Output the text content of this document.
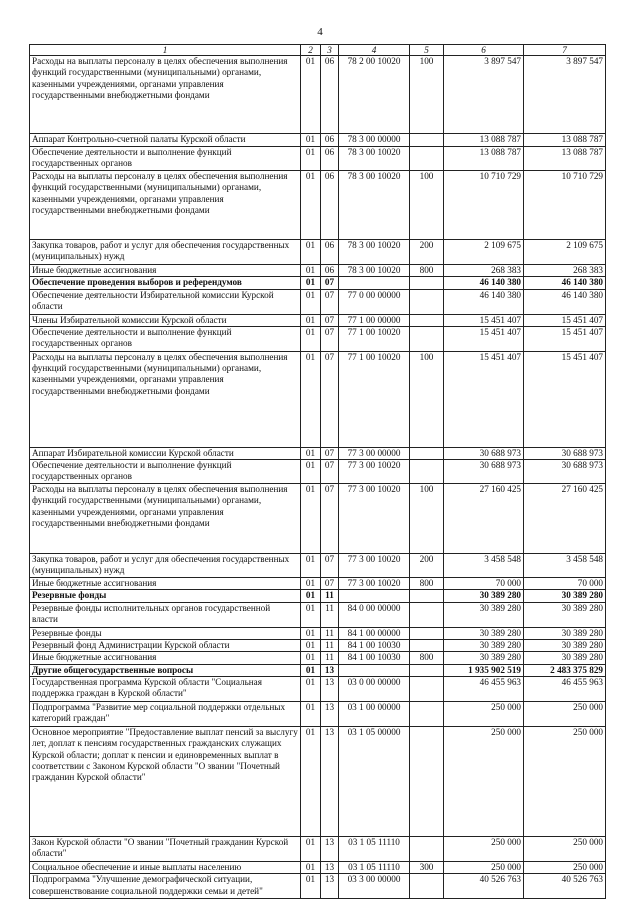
4
1	2	3	4	5	6	7
Расходы на выплаты персоналу в целях обеспечения выполнения функций государственными (муниципальными) органами, казенными учреждениями, органами управления государственными внебюджетными фондами	01	06	78 2 00 10020	100	3 897 547	3 897 547
Аппарат Контрольно-счетной палаты Курской области	01	06	78 3 00 00000		13 088 787	13 088 787
Обеспечение деятельности и выполнение функций государственных органов	01	06	78 3 00 10020		13 088 787	13 088 787
Расходы на выплаты персоналу в целях обеспечения выполнения функций государственными (муниципальными) органами, казенными учреждениями, органами управления государственными внебюджетными фондами	01	06	78 3 00 10020	100	10 710 729	10 710 729
Закупка товаров, работ и услуг для обеспечения государственных (муниципальных) нужд	01	06	78 3 00 10020	200	2 109 675	2 109 675
Иные бюджетные ассигнования	01	06	78 3 00 10020	800	268 383	268 383
Обеспечение проведения выборов и референдумов	01	07			46 140 380	46 140 380
Обеспечение деятельности Избирательной комиссии Курской области	01	07	77 0 00 00000		46 140 380	46 140 380
Члены Избирательной комиссии Курской области	01	07	77 1 00 00000		15 451 407	15 451 407
Обеспечение деятельности и выполнение функций государственных органов	01	07	77 1 00 10020		15 451 407	15 451 407
Расходы на выплаты персоналу в целях обеспечения выполнения функций государственными (муниципальными) органами, казенными учреждениями, органами управления государственными внебюджетными фондами	01	07	77 1 00 10020	100	15 451 407	15 451 407
Аппарат Избирательной комиссии Курской области	01	07	77 3 00 00000		30 688 973	30 688 973
Обеспечение деятельности и выполнение функций государственных органов	01	07	77 3 00 10020		30 688 973	30 688 973
Расходы на выплаты персоналу в целях обеспечения выполнения функций государственными (муниципальными) органами, казенными учреждениями, органами управления государственными внебюджетными фондами	01	07	77 3 00 10020	100	27 160 425	27 160 425
Закупка товаров, работ и услуг для обеспечения государственных (муниципальных) нужд	01	07	77 3 00 10020	200	3 458 548	3 458 548
Иные бюджетные ассигнования	01	07	77 3 00 10020	800	70 000	70 000
Резервные фонды	01	11			30 389 280	30 389 280
Резервные фонды исполнительных органов государственной власти	01	11	84 0 00 00000		30 389 280	30 389 280
Резервные фонды	01	11	84 1 00 00000		30 389 280	30 389 280
Резервный фонд Администрации Курской области	01	11	84 1 00 10030		30 389 280	30 389 280
Иные бюджетные ассигнования	01	11	84 1 00 10030	800	30 389 280	30 389 280
Другие общегосударственные вопросы	01	13			1 935 902 519	2 483 375 829
Государственная программа Курской области "Социальная поддержка граждан в Курской области"	01	13	03 0 00 00000		46 455 963	46 455 963
Подпрограмма "Развитие мер социальной поддержки отдельных категорий граждан"	01	13	03 1 00 00000		250 000	250 000
Основное мероприятие "Предоставление выплат пенсий за выслугу лет, доплат к пенсиям государственных гражданских служащих Курской области; доплат к пенсии и единовременных выплат в соответствии с Законом Курской области "О звании "Почетный гражданин Курской области"	01	13	03 1 05 00000		250 000	250 000
Закон Курской области "О звании "Почетный гражданин Курской области"	01	13	03 1 05 11110		250 000	250 000
Социальное обеспечение и иные выплаты населению	01	13	03 1 05 11110	300	250 000	250 000
Подпрограмма "Улучшение демографической ситуации, совершенствование социальной поддержки семьи и детей"	01	13	03 3 00 00000		40 526 763	40 526 763
